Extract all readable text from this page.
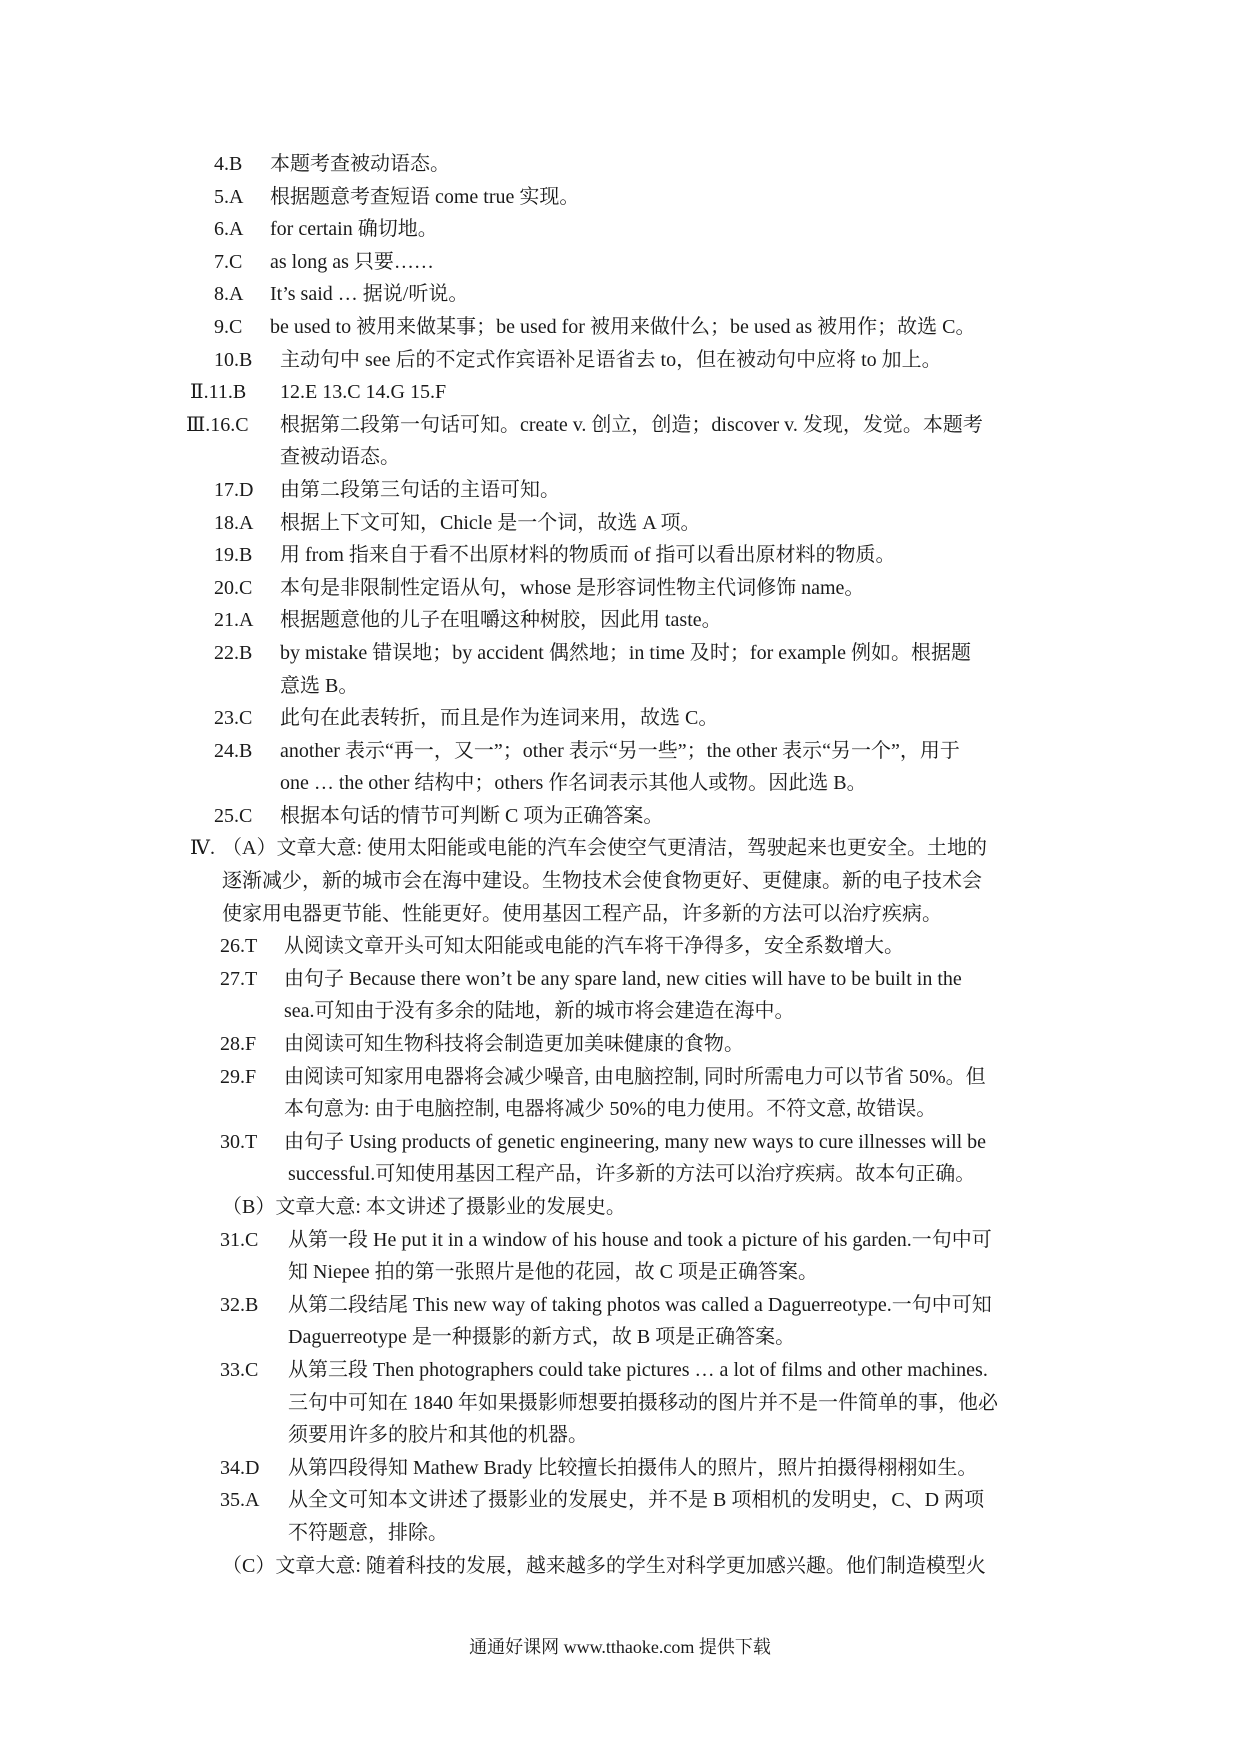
4.B 本题考查被动语态。
5.A 根据题意考查短语 come true 实现。
6.A for certain 确切地。
7.C as long as 只要……
8.A It’s said … 据说/听说。
9.C be used to 被用来做某事；be used for 被用来做什么；be used as 被用作；故选 C。
10.B 主动句中 see 后的不定式作宾语补足语省去 to，但在被动句中应将 to 加上。
Ⅱ.11.B 12.E 13.C 14.G 15.F
Ⅲ.16.C 根据第二段第一句话可知。create v. 创立，创造；discover v. 发现，发觉。本题考
查被动语态。
17.D 由第二段第三句话的主语可知。
18.A 根据上下文可知，Chicle 是一个词，故选 A 项。
19.B 用 from 指来自于看不出原材料的物质而 of 指可以看出原材料的物质。
20.C 本句是非限制性定语从句，whose 是形容词性物主代词修饰 name。
21.A 根据题意他的儿子在咀嚼这种树胶，因此用 taste。
22.B by mistake 错误地；by accident 偶然地；in time 及时；for example 例如。根据题
意选 B。
23.C 此句在此表转折，而且是作为连词来用，故选 C。
24.B another 表示“再一，又一”；other 表示“另一些”；the other 表示“另一个”，用于
one … the other 结构中；others 作名词表示其他人或物。因此选 B。
25.C 根据本句话的情节可判断 C 项为正确答案。
Ⅳ. （A）文章大意: 使用太阳能或电能的汽车会使空气更清洁，驾驶起来也更安全。土地的
逐渐减少，新的城市会在海中建设。生物技术会使食物更好、更健康。新的电子技术会
使家用电器更节能、性能更好。使用基因工程产品，许多新的方法可以治疗疾病。
26.T 从阅读文章开头可知太阳能或电能的汽车将干净得多，安全系数增大。
27.T 由句子 Because there won’t be any spare land, new cities will have to be built in the
sea.可知由于没有多余的陆地，新的城市将会建造在海中。
28.F 由阅读可知生物科技将会制造更加美味健康的食物。
29.F 由阅读可知家用电器将会减少噪音, 由电脑控制, 同时所需电力可以节省 50%。但
本句意为: 由于电脑控制, 电器将减少 50%的电力使用。不符文意, 故错误。
30.T 由句子 Using products of genetic engineering, many new ways to cure illnesses will be
successful.可知使用基因工程产品，许多新的方法可以治疗疾病。故本句正确。
（B）文章大意: 本文讲述了摄影业的发展史。
31.C 从第一段 He put it in a window of his house and took a picture of his garden.一句中可
知 Niepee 拍的第一张照片是他的花园，故 C 项是正确答案。
32.B 从第二段结尾 This new way of taking photos was called a Daguerreotype.一句中可知
Daguerreotype 是一种摄影的新方式，故 B 项是正确答案。
33.C 从第三段 Then photographers could take pictures … a lot of films and other machines.
三句中可知在 1840 年如果摄影师想要拍摄移动的图片并不是一件简单的事，他必
须要用许多的胶片和其他的机器。
34.D 从第四段得知 Mathew Brady 比较擅长拍摄伟人的照片，照片拍摄得栩栩如生。
35.A 从全文可知本文讲述了摄影业的发展史，并不是 B 项相机的发明史，C、D 两项
不符题意，排除。
（C）文章大意: 随着科技的发展，越来越多的学生对科学更加感兴趣。他们制造模型火
通通好课网 www.tthaoke.com 提供下载
